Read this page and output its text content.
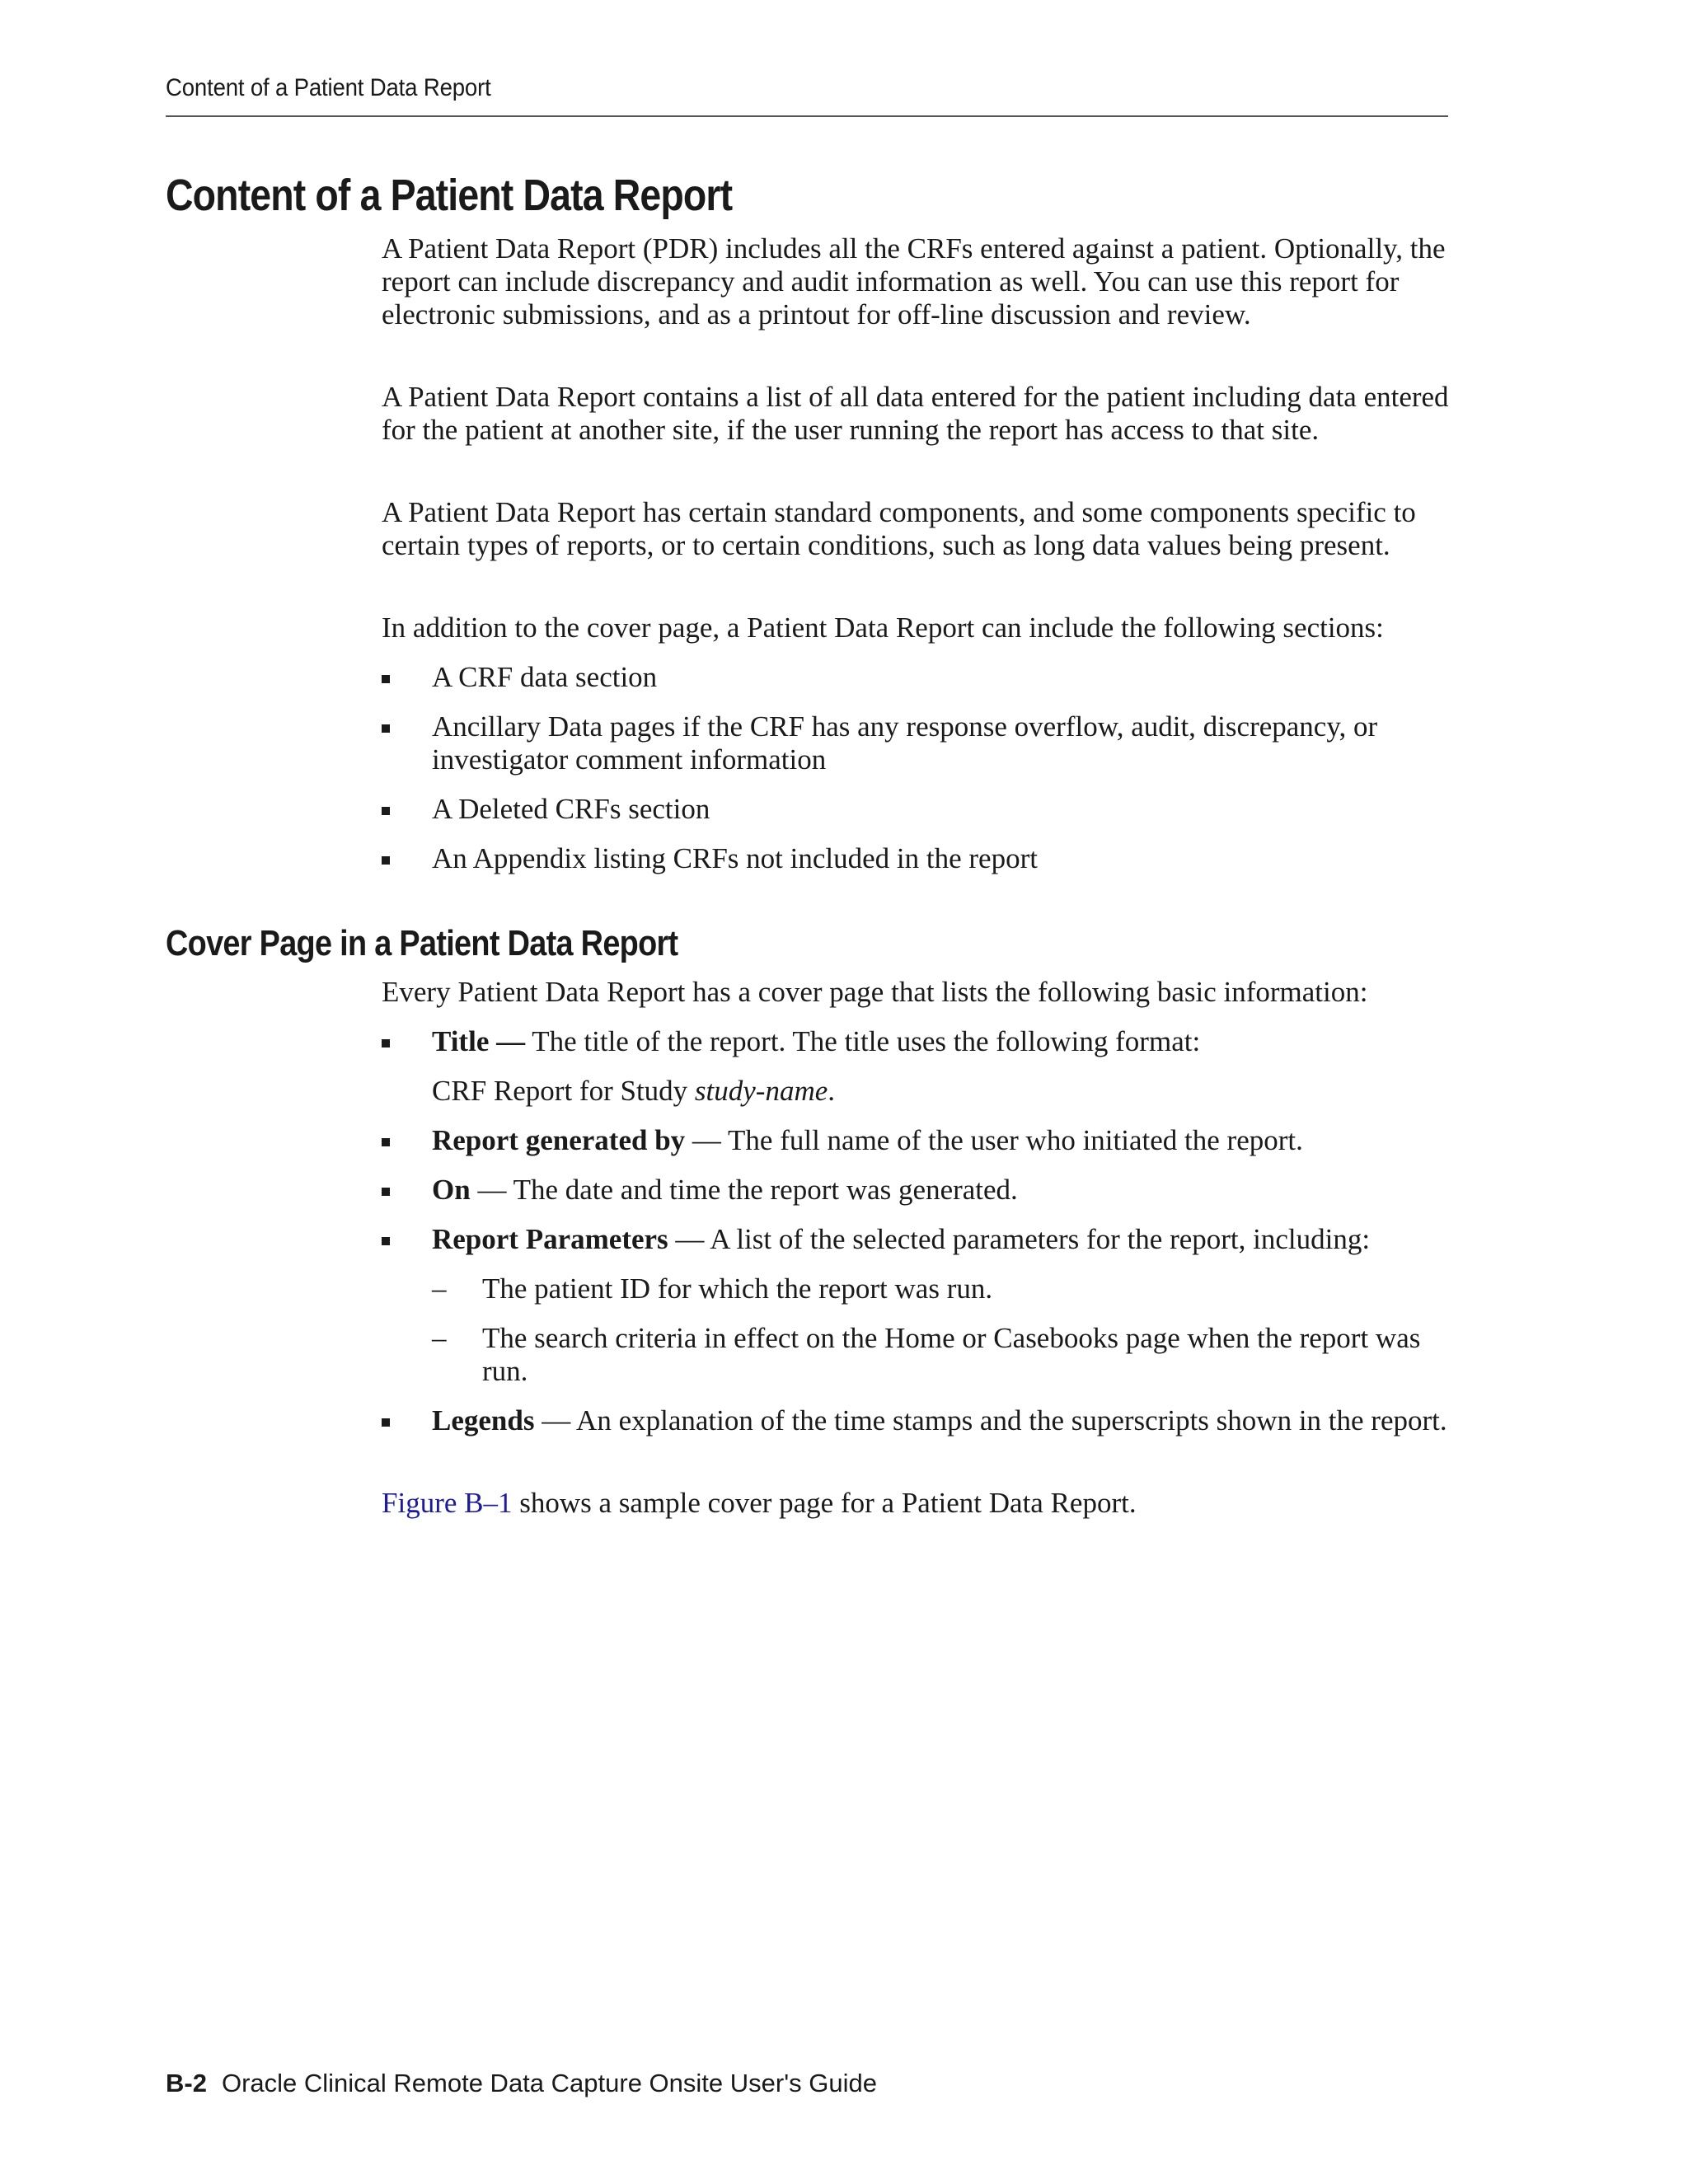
Content of a Patient Data Report
Content of a Patient Data Report

A Patient Data Report (PDR) includes all the CRFs entered against a patient. Optionally, the report can include discrepancy and audit information as well. You can use this report for electronic submissions, and as a printout for off-line discussion and review.

A Patient Data Report contains a list of all data entered for the patient including data entered for the patient at another site, if the user running the report has access to that site.

A Patient Data Report has certain standard components, and some components specific to certain types of reports, or to certain conditions, such as long data values being present.

In addition to the cover page, a Patient Data Report can include the following sections:

A CRF data section
Ancillary Data pages if the CRF has any response overflow, audit, discrepancy, or investigator comment information
A Deleted CRFs section
An Appendix listing CRFs not included in the report
Cover Page in a Patient Data Report

Every Patient Data Report has a cover page that lists the following basic information:

Title — The title of the report. The title uses the following format:
CRF Report for Study study-name.
Report generated by — The full name of the user who initiated the report.
On — The date and time the report was generated.
Report Parameters — A list of the selected parameters for the report, including:
– The patient ID for which the report was run.
– The search criteria in effect on the Home or Casebooks page when the report was run.
Legends — An explanation of the time stamps and the superscripts shown in the report.
Figure B–1 shows a sample cover page for a Patient Data Report.
B-2 Oracle Clinical Remote Data Capture Onsite User's Guide
